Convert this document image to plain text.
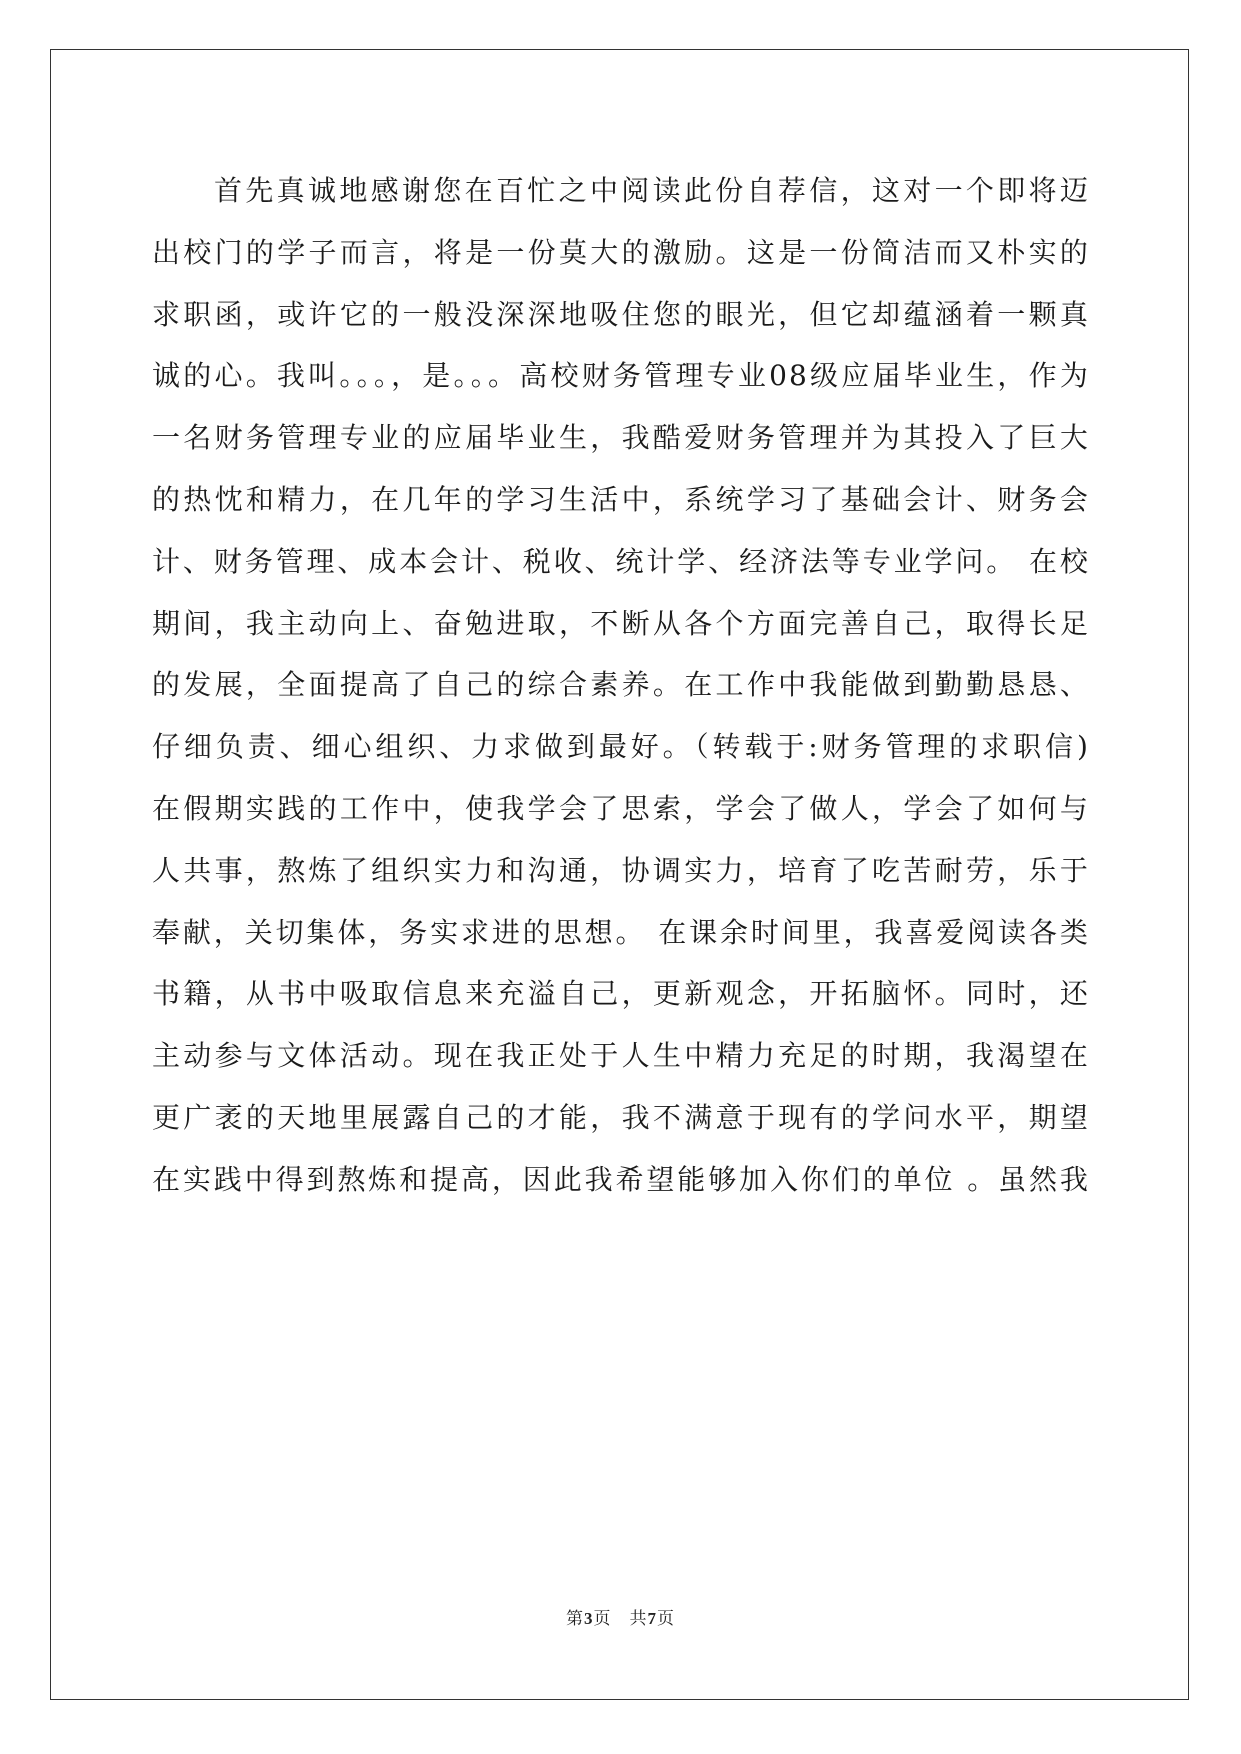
首先真诚地感谢您在百忙之中阅读此份自荐信，这对一个即将迈
出校门的学子而言，将是一份莫大的激励。这是一份简洁而又朴实的
求职函，或许它的一般没深深地吸住您的眼光，但它却蕴涵着一颗真
诚的心。我叫。。。，是。。。高校财务管理专业08级应届毕业生，作为
一名财务管理专业的应届毕业生，我酷爱财务管理并为其投入了巨大
的热忱和精力，在几年的学习生活中，系统学习了基础会计、财务会
计、财务管理、成本会计、税收、统计学、经济法等专业学问。 在校
期间，我主动向上、奋勉进取，不断从各个方面完善自己，取得长足
的发展，全面提高了自己的综合素养。在工作中我能做到勤勤恳恳、
仔细负责、细心组织、力求做到最好。（转载于:财务管理的求职信)
在假期实践的工作中，使我学会了思索，学会了做人，学会了如何与
人共事，熬炼了组织实力和沟通，协调实力，培育了吃苦耐劳，乐于
奉献，关切集体，务实求进的思想。 在课余时间里，我喜爱阅读各类
书籍，从书中吸取信息来充溢自己，更新观念，开拓脑怀。同时，还
主动参与文体活动。现在我正处于人生中精力充足的时期，我渴望在
更广袤的天地里展露自己的才能，我不满意于现有的学问水平，期望
在实践中得到熬炼和提高，因此我希望能够加入你们的单位 。虽然我
第3页 共7页
